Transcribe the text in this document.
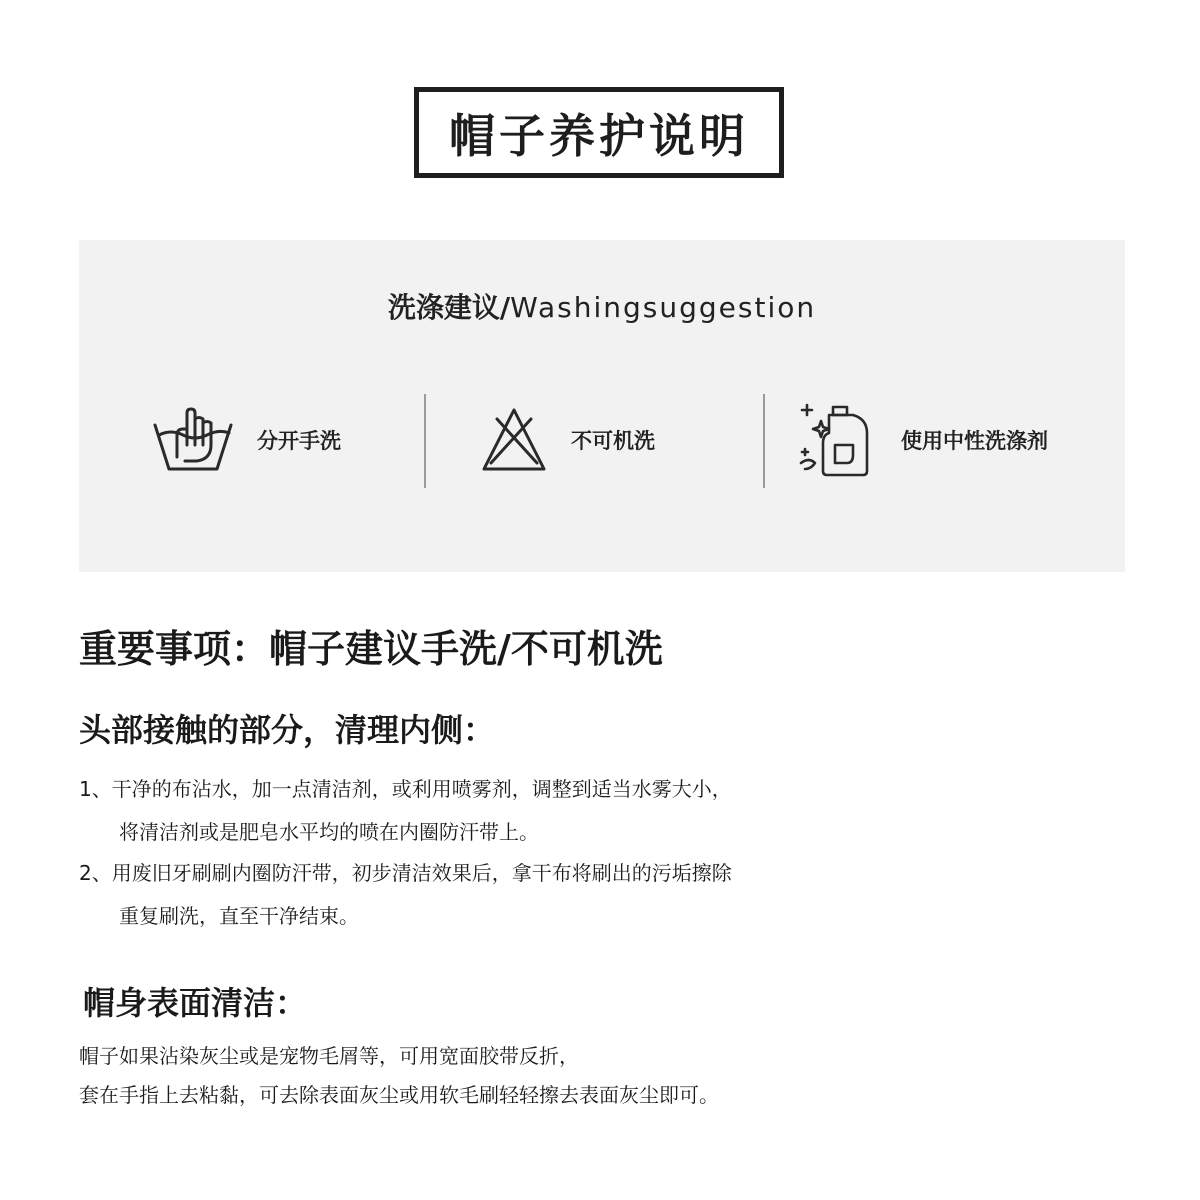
帽子养护说明
洗涤建议/Washingsuggestion
分开手洗	不可机洗	使用中性洗涤剂
重要事项：帽子建议手洗/不可机洗
头部接触的部分，清理内侧：
1、干净的布沾水，加一点清洁剂，或利用喷雾剂，调整到适当水雾大小，
将清洁剂或是肥皂水平均的喷在内圈防汗带上。
2、用废旧牙刷刷内圈防汗带，初步清洁效果后，拿干布将刷出的污垢擦除
重复刷洗，直至干净结束。
帽身表面清洁：
帽子如果沾染灰尘或是宠物毛屑等，可用宽面胶带反折，
套在手指上去粘黏，可去除表面灰尘或用软毛刷轻轻擦去表面灰尘即可。
